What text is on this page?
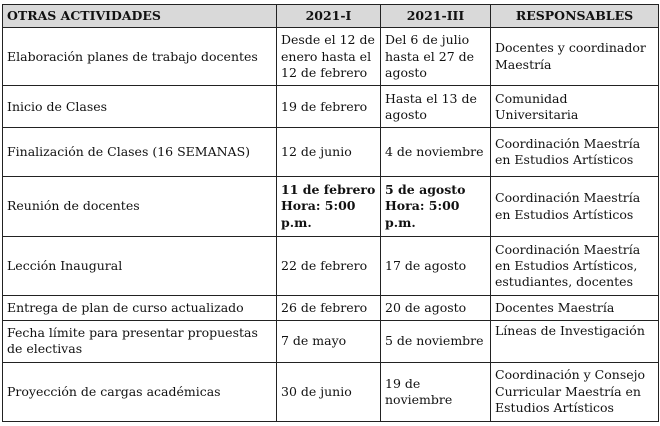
OTRAS ACTIVIDADES	2021-I	2021-III	RESPONSABLES
Elaboración planes de trabajo docentes	Desde el 12 de enero hasta el 12 de febrero	Del 6 de julio hasta el 27 de agosto	Docentes y coordinador Maestría
Inicio de Clases	19 de febrero	Hasta el 13 de agosto	Comunidad Universitaria
Finalización de Clases (16 SEMANAS)	12 de junio	4 de noviembre	Coordinación Maestría en Estudios Artísticos
Reunión de docentes	11 de febrero Hora: 5:00 p.m.	5 de agosto Hora: 5:00 p.m.	Coordinación Maestría en Estudios Artísticos
Lección Inaugural	22 de febrero	17 de agosto	Coordinación Maestría en Estudios Artísticos, estudiantes, docentes
Entrega de plan de curso actualizado	26 de febrero	20 de agosto	Docentes Maestría
Fecha límite para presentar propuestas de electivas	7 de mayo	5 de noviembre	Líneas de Investigación
Proyección de cargas académicas	30 de junio	19 de noviembre	Coordinación y Consejo Curricular Maestría en Estudios Artísticos
